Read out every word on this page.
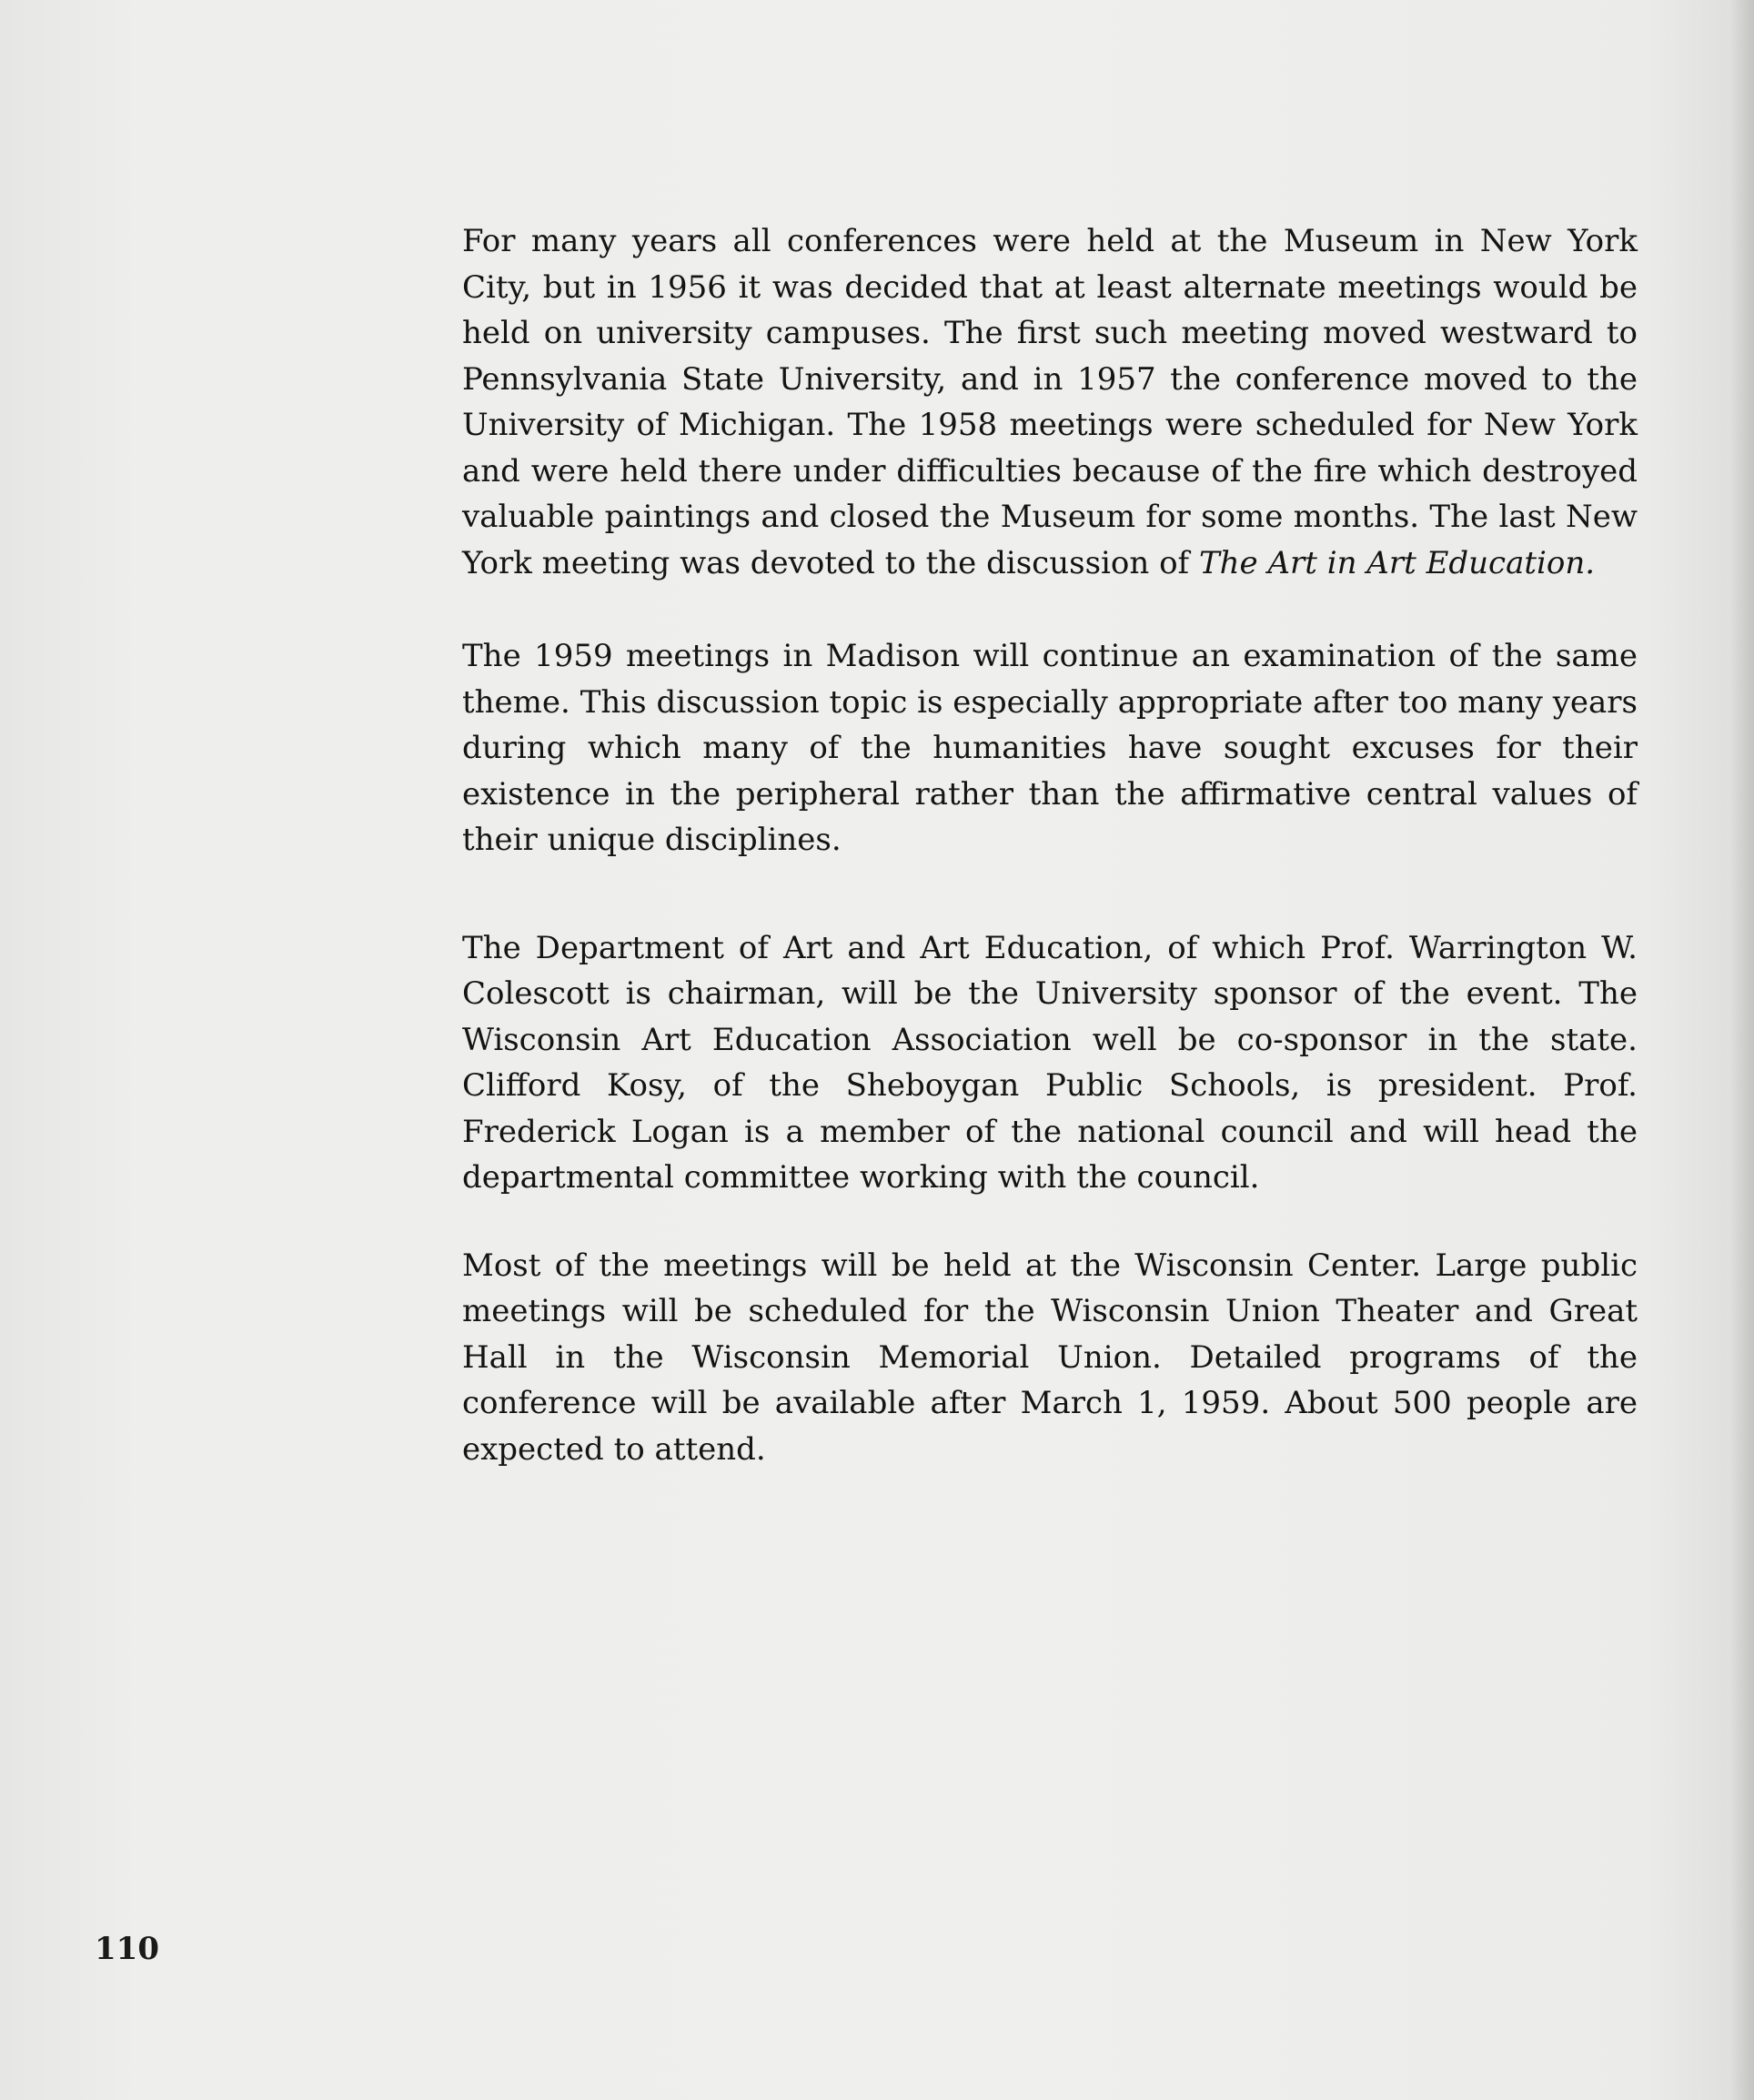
For many years all conferences were held at the Museum in New York City, but in 1956 it was decided that at least alternate meetings would be held on university campuses. The first such meeting moved westward to Pennsylvania State University, and in 1957 the conference moved to the University of Michigan. The 1958 meetings were scheduled for New York and were held there under difficulties because of the fire which destroyed valuable paintings and closed the Museum for some months. The last New York meeting was devoted to the discussion of The Art in Art Education.

The 1959 meetings in Madison will continue an examination of the same theme. This discussion topic is especially appropriate after too many years during which many of the humanities have sought excuses for their existence in the peripheral rather than the affirmative central values of their unique disciplines.

The Department of Art and Art Education, of which Prof. Warrington W. Colescott is chairman, will be the University sponsor of the event. The Wisconsin Art Education Association well be co-sponsor in the state. Clifford Kosy, of the Sheboygan Public Schools, is president. Prof. Frederick Logan is a member of the national council and will head the departmental committee working with the council.

Most of the meetings will be held at the Wisconsin Center. Large public meetings will be scheduled for the Wisconsin Union Theater and Great Hall in the Wisconsin Memorial Union. Detailed programs of the conference will be available after March 1, 1959. About 500 people are expected to attend.

110
